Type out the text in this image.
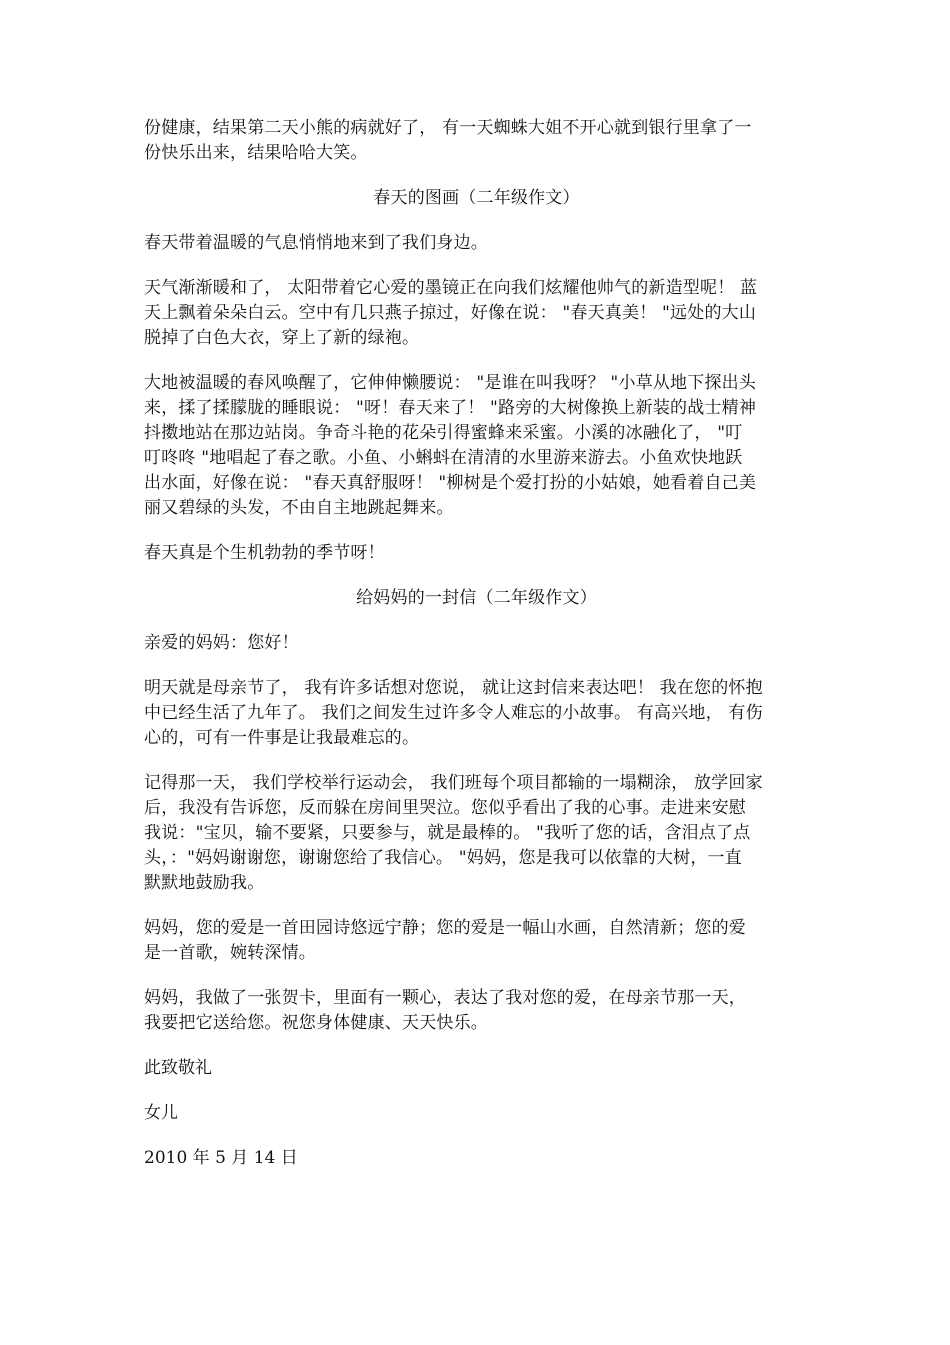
份健康，结果第二天小熊的病就好了， 有一天蜘蛛大姐不开心就到银行里拿了一
份快乐出来，结果哈哈大笑。

春天的图画（二年级作文）

春天带着温暖的气息悄悄地来到了我们身边。

天气渐渐暖和了， 太阳带着它心爱的墨镜正在向我们炫耀他帅气的新造型呢！ 蓝
天上飘着朵朵白云。空中有几只燕子掠过，好像在说： "春天真美！ "远处的大山
脱掉了白色大衣，穿上了新的绿袍。

大地被温暖的春风唤醒了，它伸伸懒腰说： "是谁在叫我呀？ "小草从地下探出头
来，揉了揉朦胧的睡眼说： "呀！春天来了！ "路旁的大树像换上新装的战士精神
抖擞地站在那边站岗。争奇斗艳的花朵引得蜜蜂来采蜜。小溪的冰融化了， "叮
叮咚咚 "地唱起了春之歌。小鱼、小蝌蚪在清清的水里游来游去。小鱼欢快地跃
出水面，好像在说： "春天真舒服呀！ "柳树是个爱打扮的小姑娘，她看着自己美
丽又碧绿的头发，不由自主地跳起舞来。

春天真是个生机勃勃的季节呀！

给妈妈的一封信（二年级作文）

亲爱的妈妈：您好！

明天就是母亲节了， 我有许多话想对您说， 就让这封信来表达吧！ 我在您的怀抱
中已经生活了九年了。 我们之间发生过许多令人难忘的小故事。 有高兴地， 有伤
心的，可有一件事是让我最难忘的。

记得那一天， 我们学校举行运动会， 我们班每个项目都输的一塌糊涂， 放学回家
后，我没有告诉您，反而躲在房间里哭泣。您似乎看出了我的心事。走进来安慰
我说："宝贝，输不要紧，只要参与，就是最棒的。 "我听了您的话，含泪点了点
头，："妈妈谢谢您，谢谢您给了我信心。 "妈妈，您是我可以依靠的大树，一直
默默地鼓励我。

妈妈，您的爱是一首田园诗悠远宁静；您的爱是一幅山水画，自然清新；您的爱
是一首歌，婉转深情。

妈妈，我做了一张贺卡，里面有一颗心，表达了我对您的爱，在母亲节那一天，
我要把它送给您。祝您身体健康、天天快乐。

此致敬礼

女儿

2010 年 5 月 14 日
